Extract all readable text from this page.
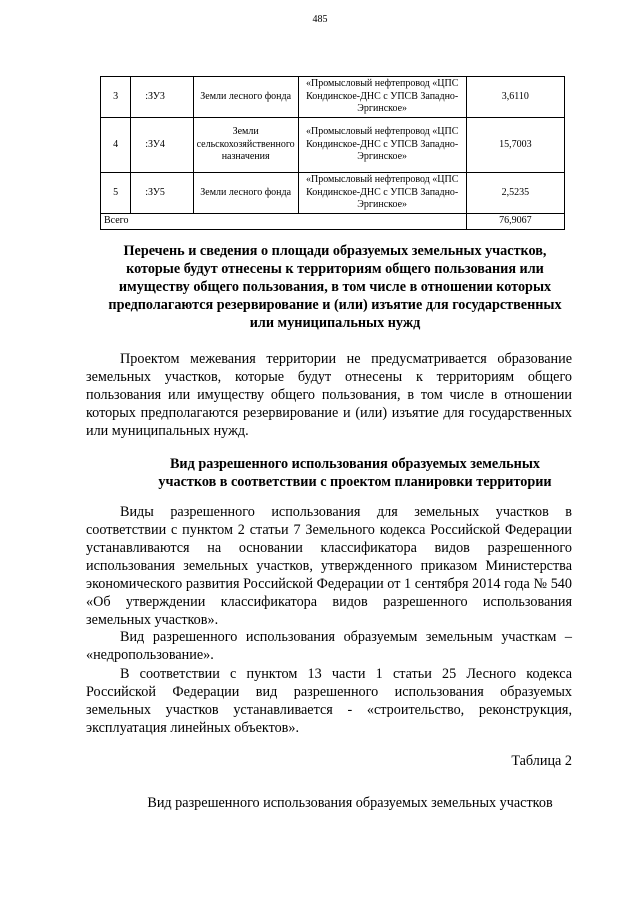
485
3	:ЗУ3	Земли лесного фонда	«Промысловый нефтепровод «ЦПС Кондинское-ДНС с УПСВ Западно-Эргинское»	3,6110
4	:ЗУ4	Земли сельскохозяйственного назначения	«Промысловый нефтепровод «ЦПС Кондинское-ДНС с УПСВ Западно-Эргинское»	15,7003
5	:ЗУ5	Земли лесного фонда	«Промысловый нефтепровод «ЦПС Кондинское-ДНС с УПСВ Западно-Эргинское»	2,5235
Всего				76,9067
Перечень и сведения о площади образуемых земельных участков, которые будут отнесены к территориям общего пользования или имуществу общего пользования, в том числе в отношении которых предполагаются резервирование и (или) изъятие для государственных или муниципальных нужд
Проектом межевания территории не предусматривается образование земельных участков, которые будут отнесены к территориям общего пользования или имуществу общего пользования, в том числе в отношении которых предполагаются резервирование и (или) изъятие для государственных или муниципальных нужд.
Вид разрешенного использования образуемых земельных участков в соответствии с проектом планировки территории
Виды разрешенного использования для земельных участков в соответствии с пунктом 2 статьи 7 Земельного кодекса Российской Федерации устанавливаются на основании классификатора видов разрешенного использования земельных участков, утвержденного приказом Министерства экономического развития Российской Федерации от 1 сентября 2014 года № 540 «Об утверждении классификатора видов разрешенного использования земельных участков».
Вид разрешенного использования образуемым земельным участкам – «недропользование».
В соответствии с пунктом 13 части 1 статьи 25 Лесного кодекса Российской Федерации вид разрешенного использования образуемых земельных участков устанавливается - «строительство, реконструкция, эксплуатация линейных объектов».
Таблица 2
Вид разрешенного использования образуемых земельных участков
